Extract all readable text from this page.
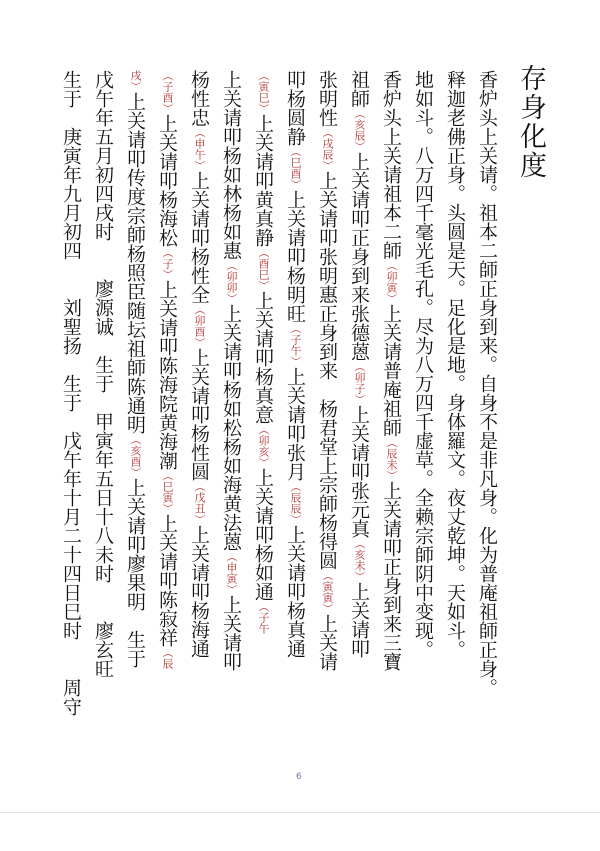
存身化度
香炉头上关请。祖本二師正身到来。自身不是非凡身。化为普庵祖師正身。
释迦老佛正身。头圆是天。足化是地。身体羅文。夜丈乾坤。天如斗。
地如斗。八万四千毫光毛孔。尽为八万四千虚草。全赖宗師阴中变现。
香炉头上关请祖本二師（卯寅）上关请普庵祖師（辰未）上关请叩正身到来三寶
祖師（亥辰）上关请叩正身到来张德蒽（卯子）上关请叩张元真（亥未）上关请叩
张明性（戌辰）上关请叩张明惠正身到来　杨君堂上宗師杨得圆（寅寅）上关请
叩杨圆静（巳酉）上关请叩杨明旺（子午）上关请叩张月（辰辰）上关请叩杨真通
（寅巳）上关请叩黄真静（酉巳）上关请叩杨真意（卯亥）上关请叩杨如通（子午
上关请叩杨如林杨如惠（卯卯）上关请叩杨如松杨如海黄法蒽（申寅）上关请叩
杨性忠（申午）上关请叩杨性全（卯酉）上关请叩杨性圆（戊丑）上关请叩杨海通
（子酉）上关请叩杨海松（子）上关请叩陈海院黄海潮（巳寅）上关请叩陈寂祥（辰
戌）上关请叩传度宗師杨照臣随坛祖師陈通明（亥酉）上关请叩廖果明　生于
戊午年五月初四戌时　　廖源诚　生于　甲寅年五日十八未时　　廖玄旺
生于　庚寅年九月初四　　刘聖扬　生于　戊午年十月二十四日巳时　　周守
6
